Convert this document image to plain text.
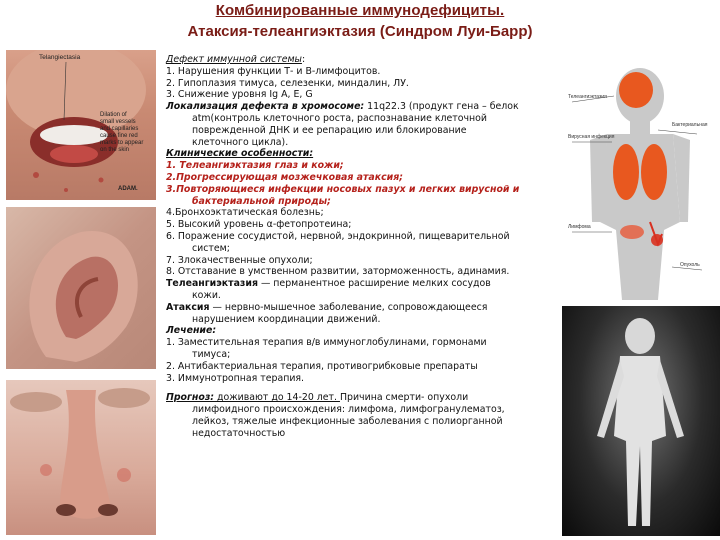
Комбинированные иммунодефициты.
Атаксия-телеангиэктазия (Синдром Луи-Барр)
Telangiectasia
Dilation of
small vessels
and capillaries
cause fine red
marks to appear
on the skin
ADAM.
Телеангиэктазия
Бактериальная
Вирусная инфекция
Лимфома
Опухоль
Дефект иммунной системы:
1. Нарушения функции Т- и В-лимфоцитов.
2. Гипоплазия тимуса, селезенки, миндалин, ЛУ.
3. Снижение уровня Ig A, E, G
Локализация дефекта в хромосоме: 11q22.3 (продукт гена – белок
atm(контроль клеточного роста, распознавание клеточной
поврежденной ДНК и ее репарацию или блокирование
клеточного цикла).
Клинические особенности:
1. Телеангиэктазия глаз и кожи;
2.Прогрессирующая мозжечковая атаксия;
3.Повторяющиеся инфекции носовых пазух и легких вирусной и
бактериальной природы;
4.Бронхоэктатическая болезнь;
5. Высокий уровень α-фетопротеина;
6. Поражение сосудистой, нервной, эндокринной, пищеварительной
систем;
7. Злокачественные опухоли;
8. Отставание в умственном развитии, заторможенность, адинамия.
Телеангиэктазия — перманентное расширение мелких сосудов
кожи.
Атаксия — нервно-мышечное заболевание, сопровождающееся
нарушением координации движений.
Лечение:
1. Заместительная терапия в/в иммуноглобулинами, гормонами
тимуса;
2. Антибактериальная терапия, противогрибковые препараты
3. Иммунотропная терапия.
Прогноз: доживают до 14-20 лет. Причина смерти- опухоли
лимфоидного происхождения: лимфома, лимфогранулематоз,
лейкоз, тяжелые инфекционные заболевания с полиорганной
недостаточностью
